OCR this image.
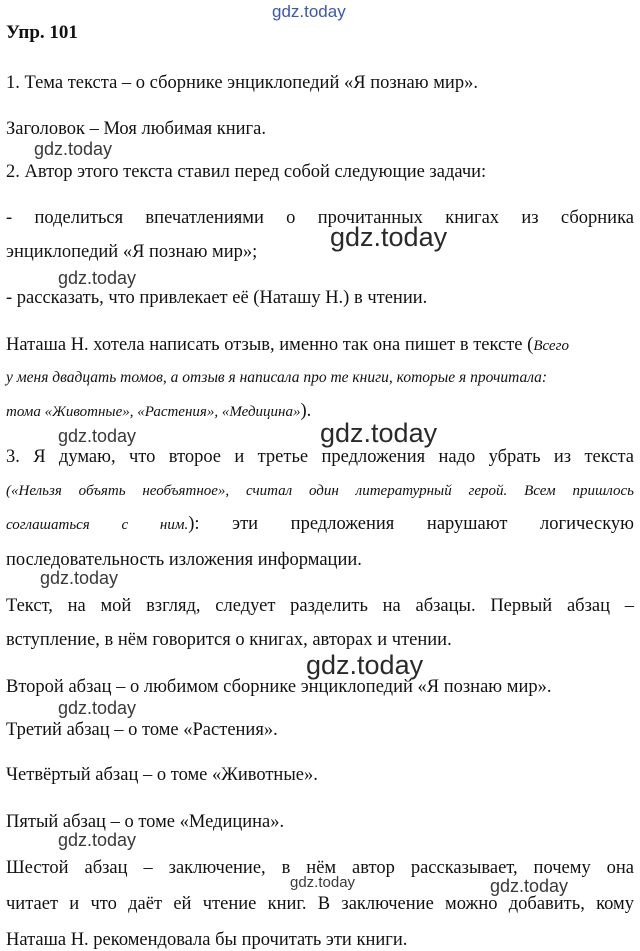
gdz.today
Упр. 101
1. Тема текста – о сборнике энциклопедий «Я познаю мир».
Заголовок – Моя любимая книга.
gdz.today
2. Автор этого текста ставил перед собой следующие задачи:
- поделиться впечатлениями о прочитанных книгах из сборника
энциклопедий «Я познаю мир»;	gdz.today
gdz.today
- рассказать, что привлекает её (Наташу Н.) в чтении.
Наташа Н. хотела написать отзыв, именно так она пишет в тексте (Всего
у меня двадцать томов, а отзыв я написала про те книги, которые я прочитала:
тома «Животные», «Растения», «Медицина»).
gdz.today	gdz.today
3. Я думаю, что второе и третье предложения надо убрать из текста
(«Нельзя объять необъятное», считал один литературный герой. Всем пришлось
соглашаться с ним.): эти предложения нарушают логическую
последовательность изложения информации.
gdz.today
Текст, на мой взгляд, следует разделить на абзацы. Первый абзац –
вступление, в нём говорится о книгах, авторах и чтении.
gdz.today
Второй абзац – о любимом сборнике энциклопедий «Я познаю мир».
gdz.today
Третий абзац – о томе «Растения».
Четвёртый абзац – о томе «Животные».
Пятый абзац – о томе «Медицина».
gdz.today
Шестой абзац – заключение, в нём автор рассказывает, почему она
gdz.today	gdz.today
читает и что даёт ей чтение книг. В заключение можно добавить, кому
Наташа Н. рекомендовала бы прочитать эти книги.
